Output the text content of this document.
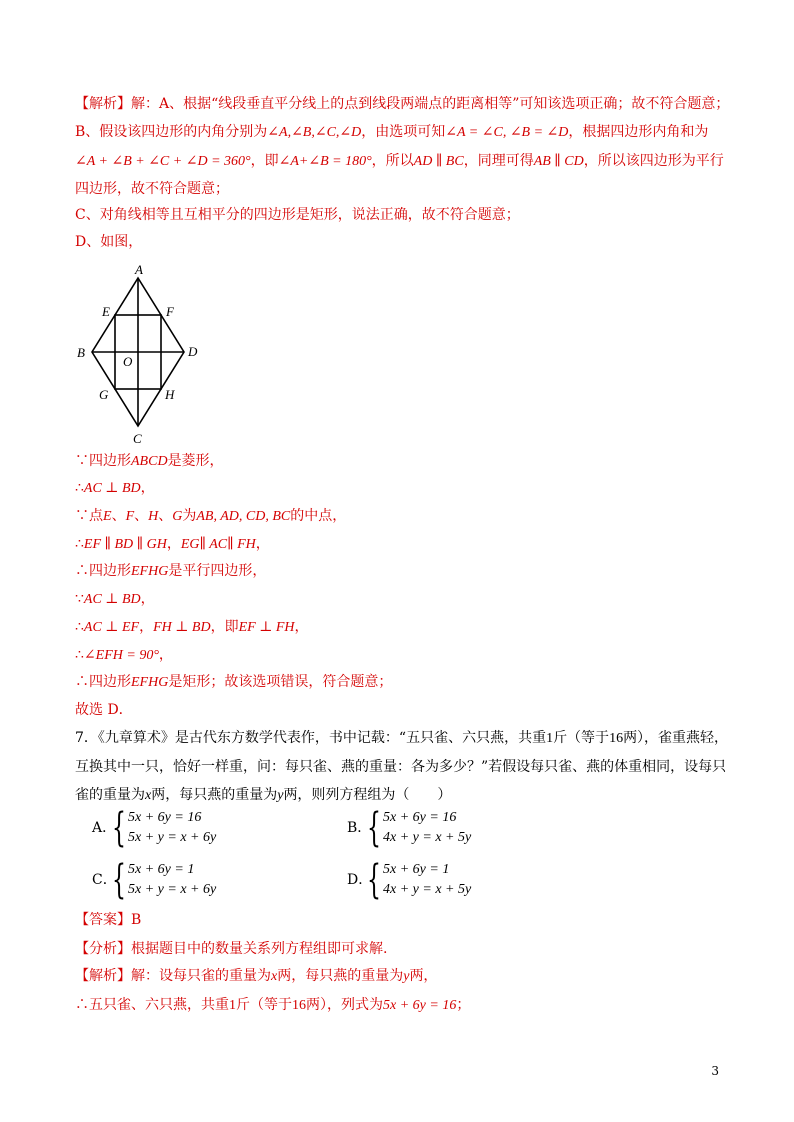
【解析】解：A、根据“线段垂直平分线上的点到线段两端点的距离相等”可知该选项正确；故不符合题意；
B、假设该四边形的内角分别为∠A,∠B,∠C,∠D，由选项可知∠A = ∠C, ∠B = ∠D，根据四边形内角和为
∠A + ∠B + ∠C + ∠D = 360°，即∠A+∠B = 180°，所以AD ∥ BC，同理可得AB ∥ CD，所以该四边形为平行
四边形，故不符合题意；
C、对角线相等且互相平分的四边形是矩形，说法正确，故不符合题意；
D、如图，
A
B
C
D
E	F
G	H
O
∵四边形ABCD是菱形，
∴AC ⊥ BD，
∵点E、F、H、G为AB, AD, CD, BC的中点，
∴EF ∥ BD ∥ GH，EG∥ AC∥ FH，
∴四边形EFHG是平行四边形，
∵AC ⊥ BD，
∴AC ⊥ EF，FH ⊥ BD，即EF ⊥ FH，
∴∠EFH = 90°，
∴四边形EFHG是矩形；故该选项错误，符合题意；
故选 D．
7．《九章算术》是古代东方数学代表作，书中记载：“五只雀、六只燕，共重1斤（等于16两），雀重燕轻，
互换其中一只，恰好一样重，问：每只雀、燕的重量：各为多少？”若假设每只雀、燕的体重相同，设每只
雀的重量为x两，每只燕的重量为y两，则列方程组为（　　）
A．
{ 5x + 6y = 16
5x + y = x + 6y
B．
{ 5x + 6y = 16
4x + y = x + 5y
C．
{ 5x + 6y = 1
5x + y = x + 6y
D．
{ 5x + 6y = 1
4x + y = x + 5y
【答案】B
【分析】根据题目中的数量关系列方程组即可求解.
【解析】解：设每只雀的重量为x两，每只燕的重量为y两，
∴五只雀、六只燕，共重1斤（等于16两），列式为5x + 6y = 16；
3
